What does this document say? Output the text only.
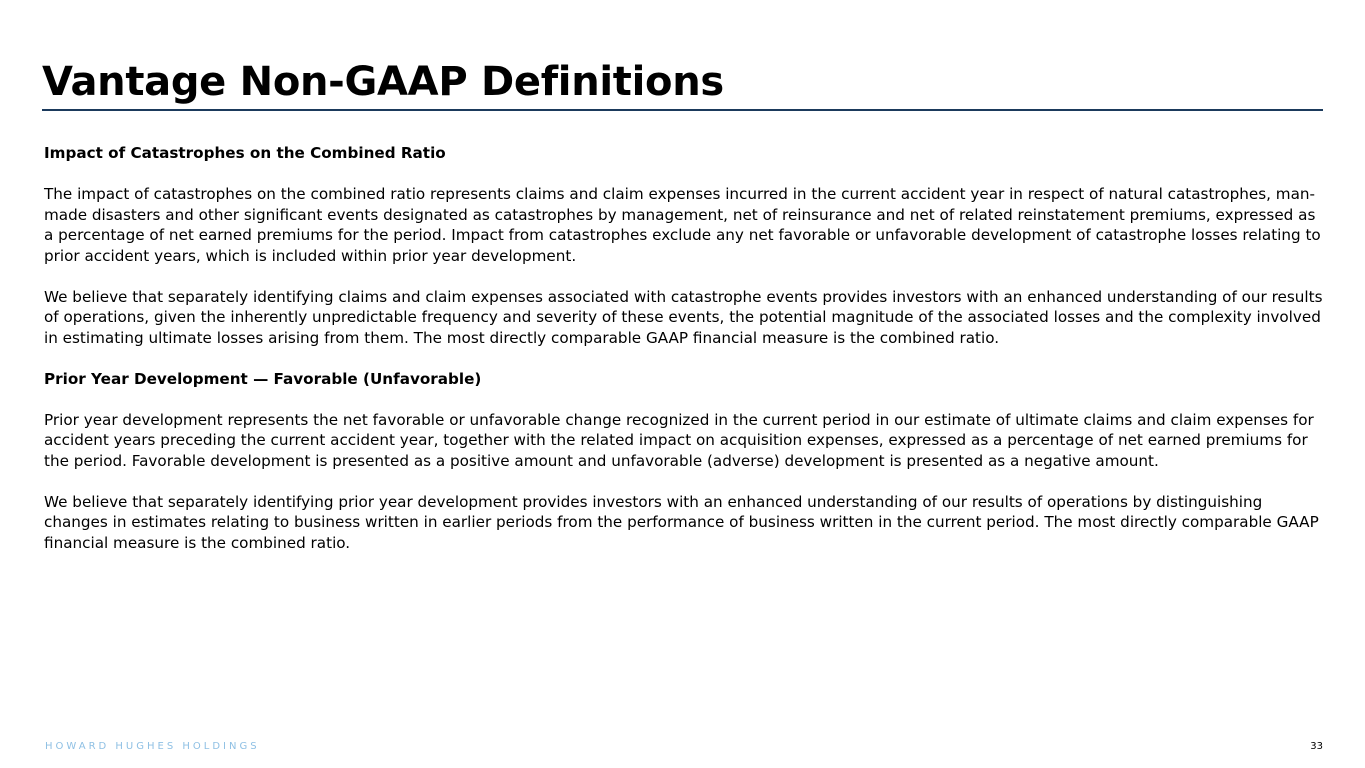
Vantage Non-GAAP Definitions

Impact of Catastrophes on the Combined Ratio

The impact of catastrophes on the combined ratio represents claims and claim expenses incurred in the current accident year in respect of natural catastrophes, man-made disasters and other significant events designated as catastrophes by management, net of reinsurance and net of related reinstatement premiums, expressed as a percentage of net earned premiums for the period. Impact from catastrophes exclude any net favorable or unfavorable development of catastrophe losses relating to prior accident years, which is included within prior year development.

We believe that separately identifying claims and claim expenses associated with catastrophe events provides investors with an enhanced understanding of our results of operations, given the inherently unpredictable frequency and severity of these events, the potential magnitude of the associated losses and the complexity involved in estimating ultimate losses arising from them. The most directly comparable GAAP financial measure is the combined ratio.

Prior Year Development — Favorable (Unfavorable)

Prior year development represents the net favorable or unfavorable change recognized in the current period in our estimate of ultimate claims and claim expenses for accident years preceding the current accident year, together with the related impact on acquisition expenses, expressed as a percentage of net earned premiums for the period. Favorable development is presented as a positive amount and unfavorable (adverse) development is presented as a negative amount.

We believe that separately identifying prior year development provides investors with an enhanced understanding of our results of operations by distinguishing changes in estimates relating to business written in earlier periods from the performance of business written in the current period. The most directly comparable GAAP financial measure is the combined ratio.

HOWARD HUGHES HOLDINGS	33
